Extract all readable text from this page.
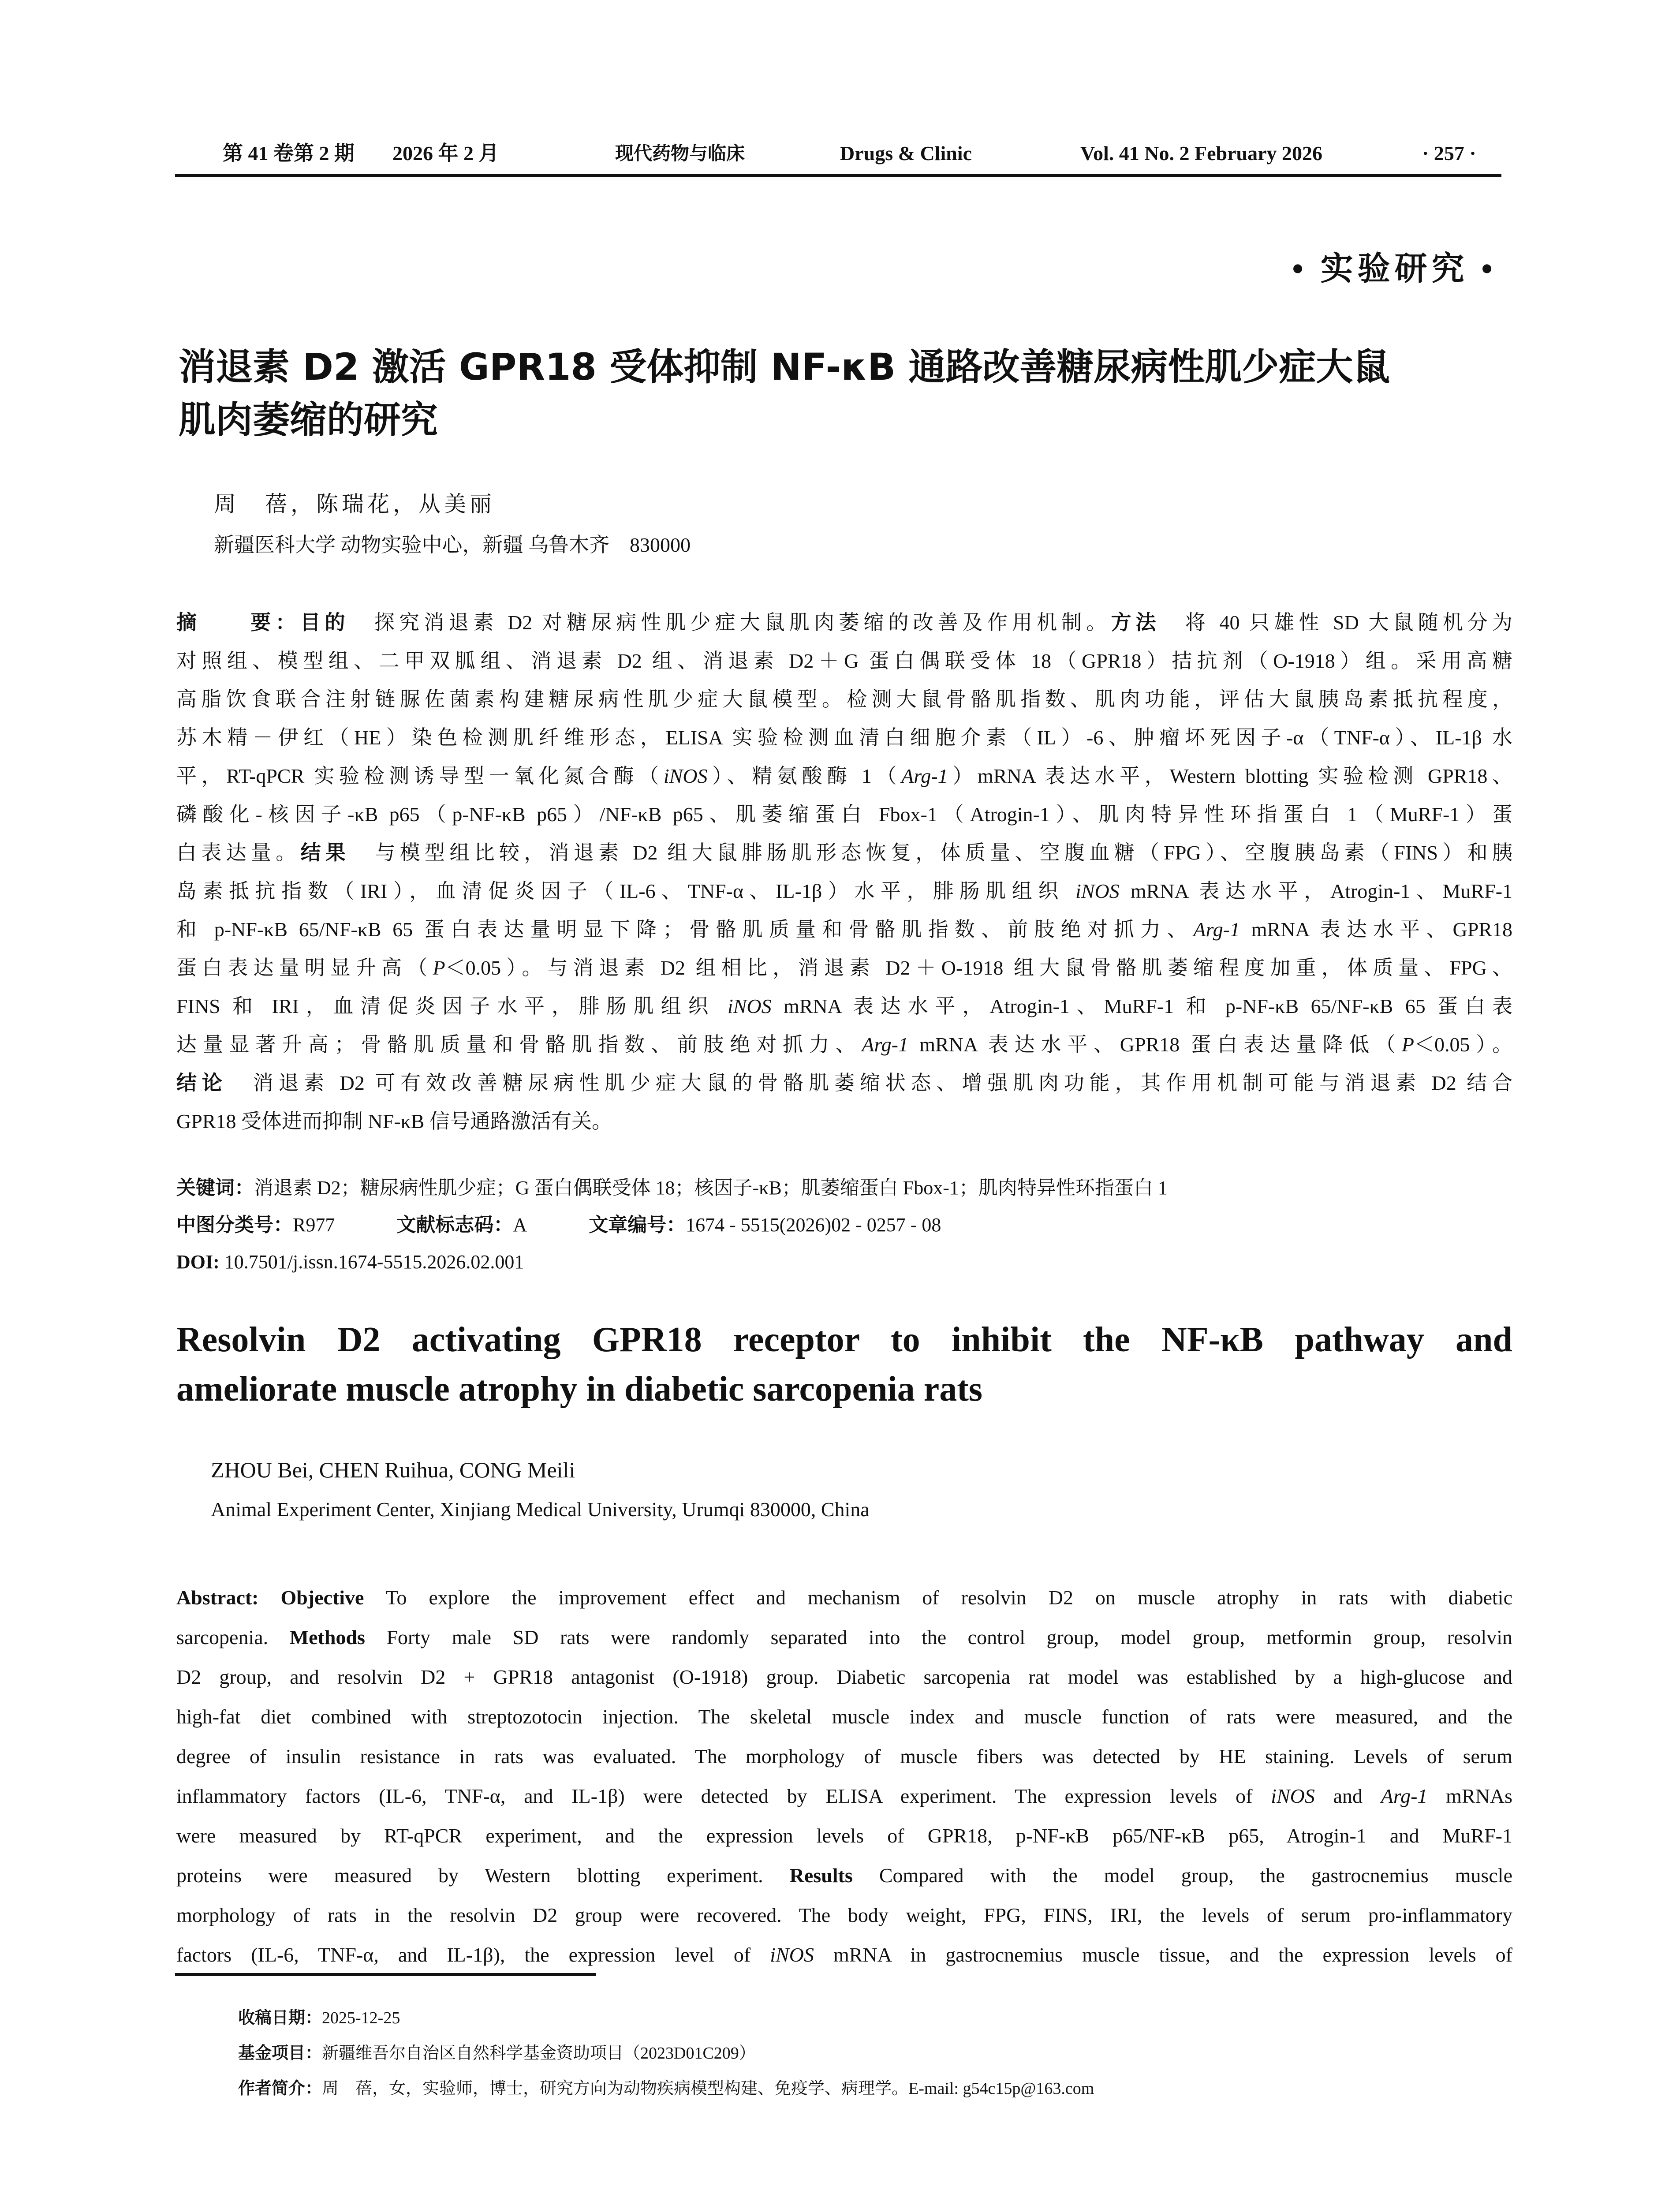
第 41 卷第 2 期 2026 年 2 月	现代药物与临床	Drugs & Clinic	Vol. 41 No. 2 February 2026	· 257 ·
• 实验研究 •
消退素 D2 激活 GPR18 受体抑制 NF-κB 通路改善糖尿病性肌少症大鼠
肌肉萎缩的研究
周　蓓，陈瑞花，从美丽
新疆医科大学 动物实验中心，新疆 乌鲁木齐　830000
摘　　要：目的　探究消退素 D2 对糖尿病性肌少症大鼠肌肉萎缩的改善及作用机制。方法　将 40 只雄性 SD 大鼠随机分为
对照组、模型组、二甲双胍组、消退素 D2 组、消退素 D2＋G 蛋白偶联受体 18（GPR18）拮抗剂（O-1918）组。采用高糖
高脂饮食联合注射链脲佐菌素构建糖尿病性肌少症大鼠模型。检测大鼠骨骼肌指数、肌肉功能，评估大鼠胰岛素抵抗程度，
苏木精－伊红（HE）染色检测肌纤维形态，ELISA 实验检测血清白细胞介素（IL）-6、肿瘤坏死因子-α（TNF-α）、IL-1β 水
平，RT-qPCR 实验检测诱导型一氧化氮合酶（iNOS）、精氨酸酶 1（Arg-1）mRNA 表达水平，Western blotting 实验检测 GPR18、
磷酸化-核因子-κB p65（p-NF-κB p65）/NF-κB p65、肌萎缩蛋白 Fbox-1（Atrogin-1）、肌肉特异性环指蛋白 1（MuRF-1）蛋
白表达量。结果　与模型组比较，消退素 D2 组大鼠腓肠肌形态恢复，体质量、空腹血糖（FPG）、空腹胰岛素（FINS）和胰
岛素抵抗指数（IRI），血清促炎因子（IL-6、TNF-α、IL-1β）水平，腓肠肌组织 iNOS mRNA 表达水平，Atrogin-1、MuRF-1
和 p-NF-κB 65/NF-κB 65 蛋白表达量明显下降；骨骼肌质量和骨骼肌指数、前肢绝对抓力、Arg-1 mRNA 表达水平、GPR18
蛋白表达量明显升高（P＜0.05）。与消退素 D2 组相比，消退素 D2＋O-1918 组大鼠骨骼肌萎缩程度加重，体质量、FPG、
FINS 和 IRI，血清促炎因子水平，腓肠肌组织 iNOS mRNA 表达水平，Atrogin-1、MuRF-1 和 p-NF-κB 65/NF-κB 65 蛋白表
达量显著升高；骨骼肌质量和骨骼肌指数、前肢绝对抓力、Arg-1 mRNA 表达水平、GPR18 蛋白表达量降低（P＜0.05）。
结论　消退素 D2 可有效改善糖尿病性肌少症大鼠的骨骼肌萎缩状态、增强肌肉功能，其作用机制可能与消退素 D2 结合
GPR18 受体进而抑制 NF-κB 信号通路激活有关。
关键词：消退素 D2；糖尿病性肌少症；G 蛋白偶联受体 18；核因子-κB；肌萎缩蛋白 Fbox-1；肌肉特异性环指蛋白 1
中图分类号：R977	文献标志码：A	文章编号：1674 - 5515(2026)02 - 0257 - 08
DOI: 10.7501/j.issn.1674-5515.2026.02.001
Resolvin D2 activating GPR18 receptor to inhibit the NF-κB pathway and
ameliorate muscle atrophy in diabetic sarcopenia rats
ZHOU Bei, CHEN Ruihua, CONG Meili
Animal Experiment Center, Xinjiang Medical University, Urumqi 830000, China
Abstract: Objective To explore the improvement effect and mechanism of resolvin D2 on muscle atrophy in rats with diabetic
sarcopenia. Methods Forty male SD rats were randomly separated into the control group, model group, metformin group, resolvin
D2 group, and resolvin D2 + GPR18 antagonist (O-1918) group. Diabetic sarcopenia rat model was established by a high-glucose and
high-fat diet combined with streptozotocin injection. The skeletal muscle index and muscle function of rats were measured, and the
degree of insulin resistance in rats was evaluated. The morphology of muscle fibers was detected by HE staining. Levels of serum
inflammatory factors (IL-6, TNF-α, and IL-1β) were detected by ELISA experiment. The expression levels of iNOS and Arg-1 mRNAs
were measured by RT-qPCR experiment, and the expression levels of GPR18, p-NF-κB p65/NF-κB p65, Atrogin-1 and MuRF-1
proteins were measured by Western blotting experiment. Results Compared with the model group, the gastrocnemius muscle
morphology of rats in the resolvin D2 group were recovered. The body weight, FPG, FINS, IRI, the levels of serum pro-inflammatory
factors (IL-6, TNF-α, and IL-1β), the expression level of iNOS mRNA in gastrocnemius muscle tissue, and the expression levels of
收稿日期：2025-12-25
基金项目：新疆维吾尔自治区自然科学基金资助项目（2023D01C209）
作者简介：周　蓓，女，实验师，博士，研究方向为动物疾病模型构建、免疫学、病理学。E-mail: g54c15p@163.com
